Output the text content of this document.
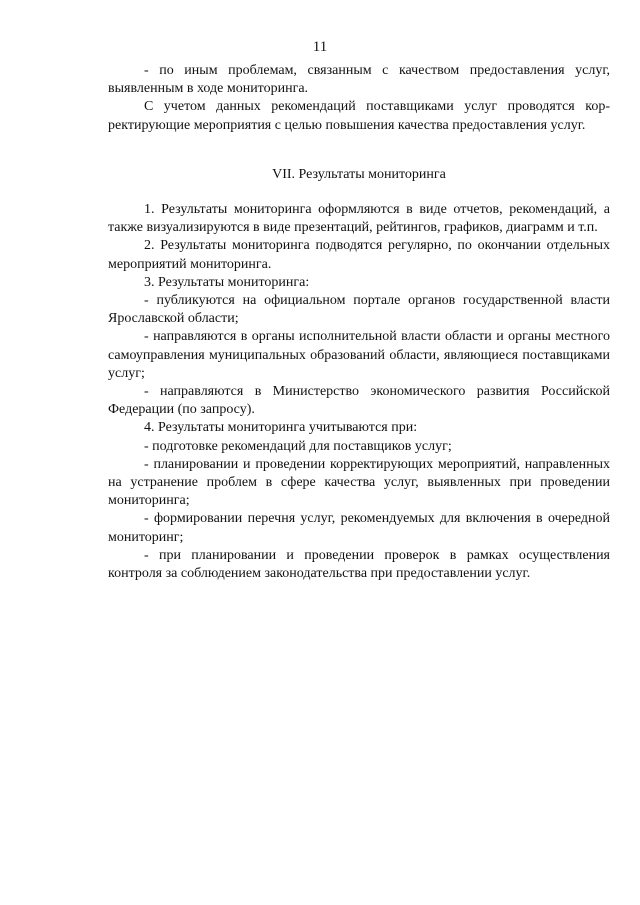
11

- по иным проблемам, связанным с качеством предоставления услуг, выявленным в ходе мониторинга.

С учетом данных рекомендаций поставщиками услуг проводятся корректирующие мероприятия с целью повышения качества предоставления услуг.

VII. Результаты мониторинга

1. Результаты мониторинга оформляются в виде отчетов, рекомендаций, а также визуализируются в виде презентаций, рейтингов, графиков, диаграмм и т.п.

2. Результаты мониторинга подводятся регулярно, по окончании отдельных мероприятий мониторинга.

3. Результаты мониторинга:

- публикуются на официальном портале органов государственной власти Ярославской области;

- направляются в органы исполнительной власти области и органы местного самоуправления муниципальных образований области, являющиеся поставщиками услуг;

- направляются в Министерство экономического развития Российской Федерации (по запросу).

4. Результаты мониторинга учитываются при:

- подготовке рекомендаций для поставщиков услуг;

- планировании и проведении корректирующих мероприятий, направленных на устранение проблем в сфере качества услуг, выявленных при проведении мониторинга;

- формировании перечня услуг, рекомендуемых для включения в очередной мониторинг;

- при планировании и проведении проверок в рамках осуществления контроля за соблюдением законодательства при предоставлении услуг.
